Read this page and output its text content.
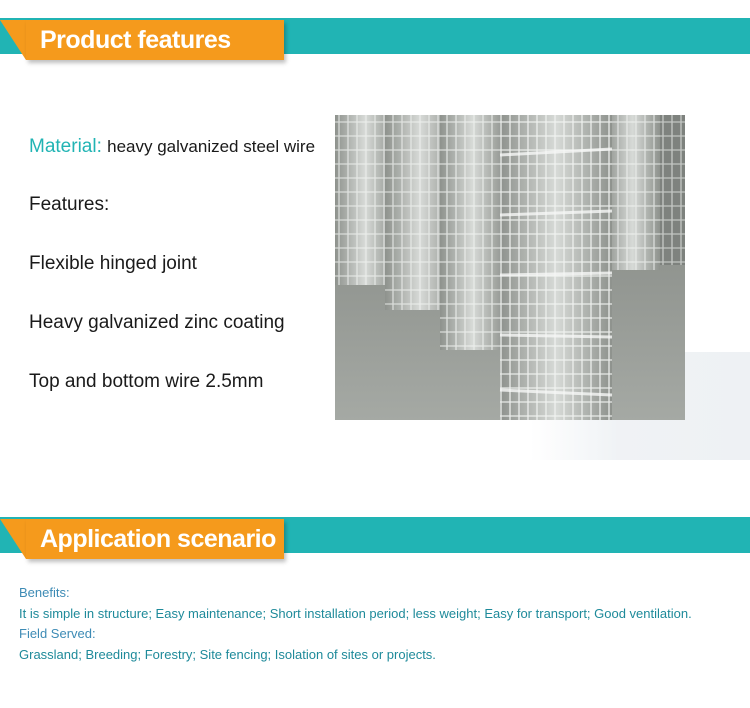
Product features
Material: heavy galvanized steel wire
Features:
Flexible hinged joint
Heavy galvanized zinc coating
Top and bottom wire 2.5mm
Application scenario
Benefits:
It is simple in structure; Easy maintenance; Short installation period; less weight; Easy for transport; Good ventilation.
Field Served:
Grassland; Breeding; Forestry; Site fencing; Isolation of sites or projects.
